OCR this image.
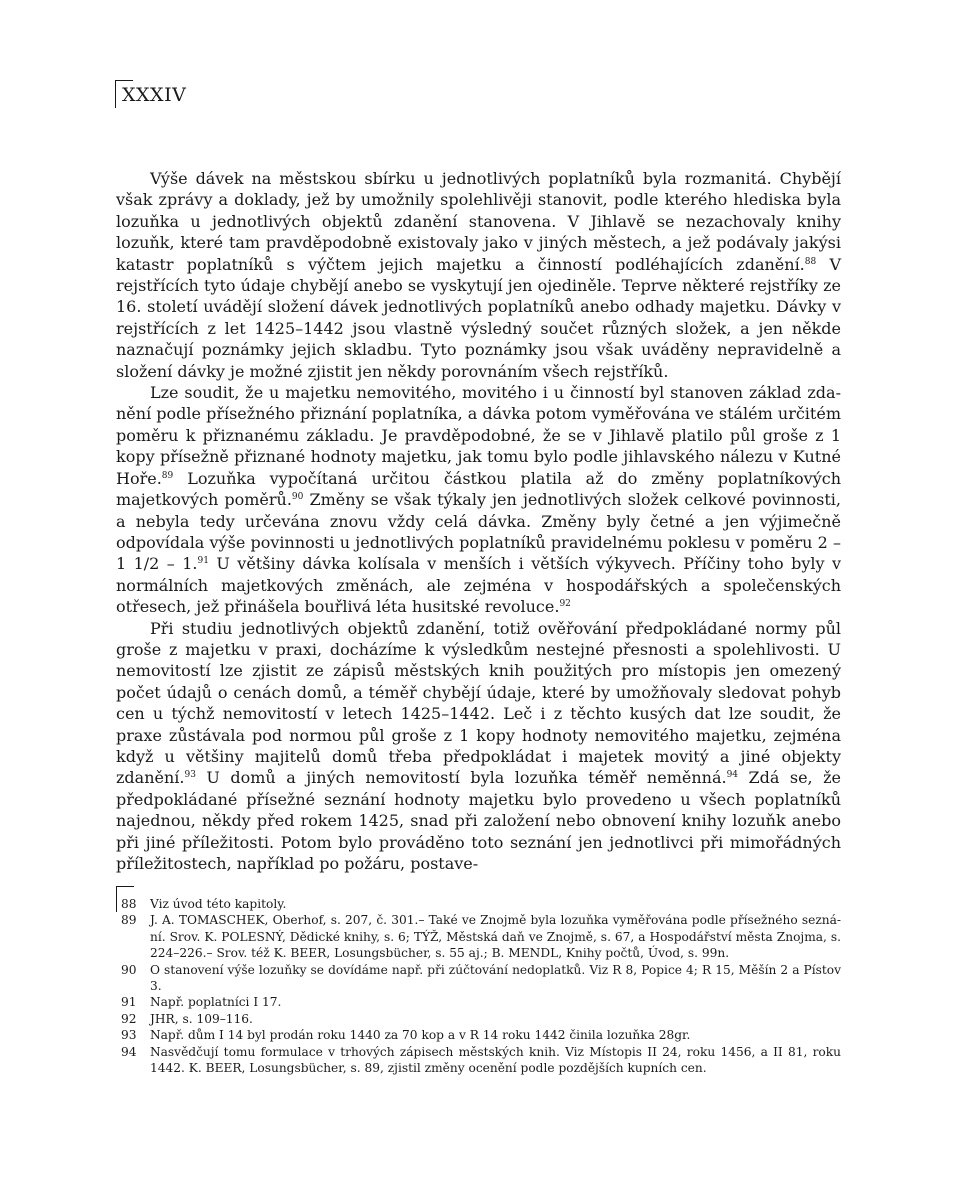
XXXIV

Výše dávek na městskou sbírku u jednotlivých poplatníků byla rozmanitá. Chybějí však zprávy a doklady, jež by umožnily spolehlivěji stanovit, podle kterého hlediska byla lozuňka u jednotlivých objektů zdanění stanovena. V Jihlavě se nezachovaly knihy lozuňk, které tam pravděpodobně existovaly jako v jiných městech, a jež podávaly jakýsi katastr poplatníků s výčtem jejich majetku a činností podléhajících zdanění.$^{88}$ V rejstřících tyto údaje chybějí anebo se vyskytují jen ojediněle. Teprve některé rejstříky ze 16. století uvádějí složení dávek jednotlivých poplatníků anebo odhady majetku. Dávky v rejstřících z let 1425–1442 jsou vlastně výsledný součet různých složek, a jen někde naznačují poznámky jejich skladbu. Tyto poznámky jsou však uváděny nepravidelně a složení dávky je možné zjistit jen někdy porovnáním všech rejstříků.

Lze soudit, že u majetku nemovitého, movitého i u činností byl stanoven základ zdanění podle přísežného přiznání poplatníka, a dávka potom vyměřována ve stálém určitém poměru k přiznanému základu. Je pravděpodobné, že se v Jihlavě platilo půl groše z 1 kopy přísežně přiznané hodnoty majetku, jak tomu bylo podle jihlavského nálezu v Kutné Hoře.$^{89}$ Lozuňka vypočítaná určitou částkou platila až do změny poplatníkových majetkových poměrů.$^{90}$ Změny se však týkaly jen jednotlivých složek celkové povinnosti, a nebyla tedy určevána znovu vždy celá dávka. Změny byly četné a jen výjimečně odpovídala výše povinnosti u jednotlivých poplatníků pravidelnému poklesu v poměru 2 – 1 1/2 – 1.91 U většiny dávka kolísala v menších i větších výkyvech. Příčiny toho byly v normálních majetkových změnách, ale zejména v hospodářských a společenských otřesech, jež přinášela bouřlivá léta husitské revoluce.$^{92}$

Při studiu jednotlivých objektů zdanění, totiž ověřování předpokládané normy půl groše z majetku v praxi, docházíme k výsledkům nestejné přesnosti a spolehlivosti. U nemovitostí lze zjistit ze zápisů městských knih použitých pro místopis jen omezený počet údajů o cenách domů, a téměř chybějí údaje, které by umožňovaly sledovat pohyb cen u týchž nemovitostí v letech 1425–1442. Leč i z těchto kusých dat lze soudit, že praxe zůstávala pod normou půl groše z 1 kopy hodnoty nemovitého majetku, zejména když u většiny majitelů domů třeba předpokládat i majetek movitý a jiné objekty zdanění.$^{93}$ U domů a jiných nemovitostí byla lozuňka téměř neměnná.$^{94}$ Zdá se, že předpokládané přísežné seznání hodnoty majetku bylo provedeno u všech poplatníků najednou, někdy před rokem 1425, snad při založení nebo obnovení knihy lozuňk anebo při jiné příležitosti. Potom bylo prováděno toto seznání jen jednotlivci při mimořádných příležitostech, například po požáru, postave-

88 Viz úvod této kapitoly.
89 J. A. TOMASCHEK, Oberhof, s. 207, č. 301.– Také ve Znojmě byla lozuňka vyměřována podle přísežného seznání. Srov. K. POLESNÝ, Dědické knihy, s. 6; TÝŽ, Městská daň ve Znojmě, s. 67, a Hospodářství města Znojma, s. 224–226.– Srov. též K. BEER, Losungsbücher, s. 55 aj.; B. MENDL, Knihy počtů, Úvod, s. 99n.
90 O stanovení výše lozuňky se dovídáme např. při zúčtování nedoplatků. Viz R 8, Popice 4; R 15, Měšín 2 a Pístov 3.
91 Např. poplatníci I 17.
92 JHR, s. 109–116.
93 Např. dům I 14 byl prodán roku 1440 za 70 kop a v R 14 roku 1442 činila lozuňka 28gr.
94 Nasvědčují tomu formulace v trhových zápisech městských knih. Viz Místopis II 24, roku 1456, a II 81, roku 1442. K. BEER, Losungsbücher, s. 89, zjistil změny ocenění podle pozdějších kupních cen.
